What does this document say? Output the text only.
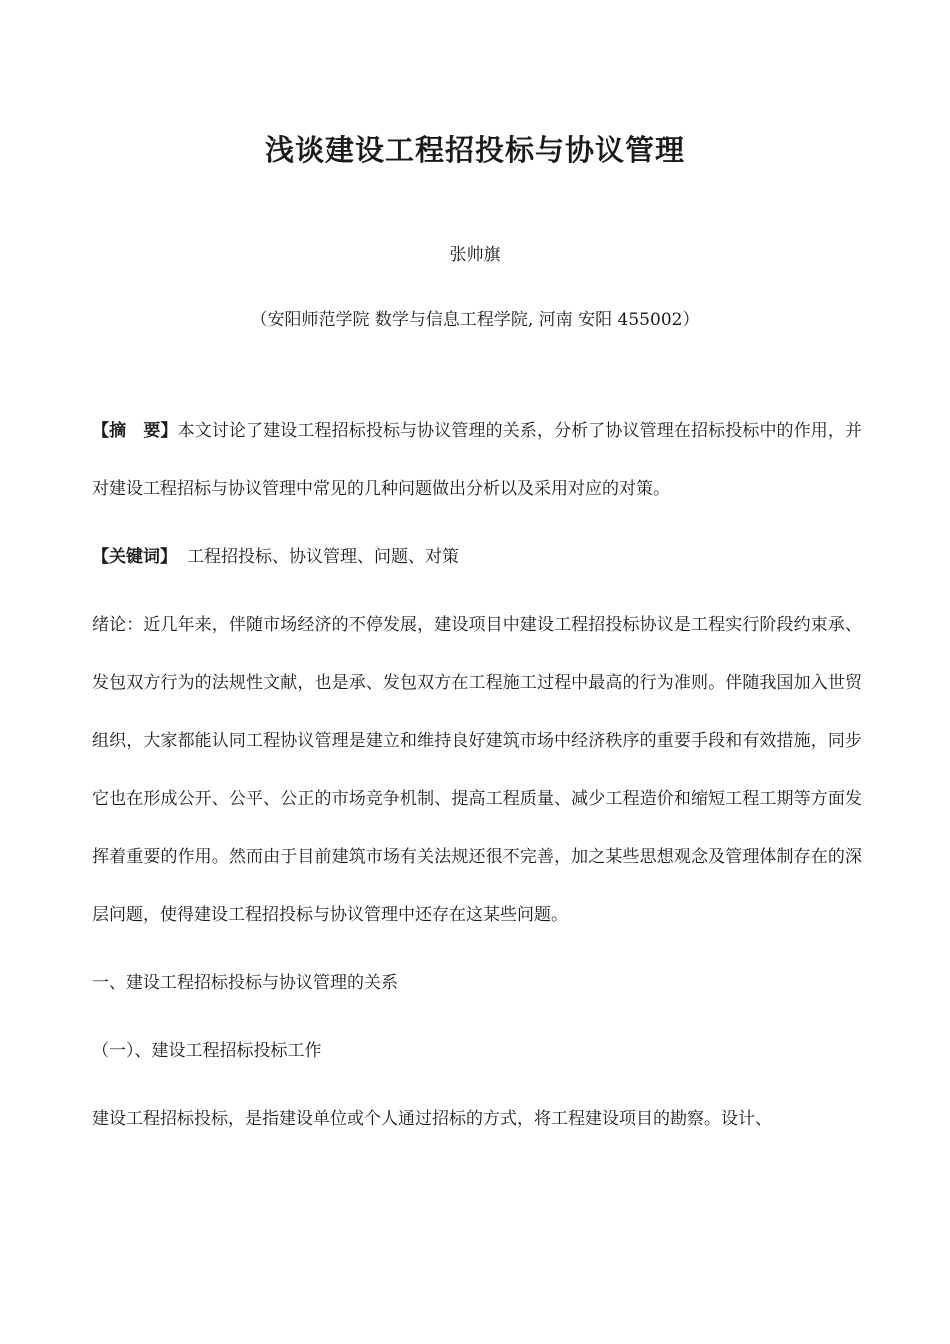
浅谈建设工程招投标与协议管理

张帅旗

（安阳师范学院 数学与信息工程学院, 河南 安阳 455002）

【摘　要】本文讨论了建设工程招标投标与协议管理的关系，分析了协议管理在招标投标中的作用，并对建设工程招标与协议管理中常见的几种问题做出分析以及采用对应的对策。

【关键词】 工程招投标、协议管理、问题、对策

绪论：近几年来，伴随市场经济的不停发展，建设项目中建设工程招投标协议是工程实行阶段约束承、发包双方行为的法规性文献，也是承、发包双方在工程施工过程中最高的行为准则。伴随我国加入世贸组织，大家都能认同工程协议管理是建立和维持良好建筑市场中经济秩序的重要手段和有效措施，同步它也在形成公开、公平、公正的市场竞争机制、提高工程质量、减少工程造价和缩短工程工期等方面发挥着重要的作用。然而由于目前建筑市场有关法规还很不完善，加之某些思想观念及管理体制存在的深层问题，使得建设工程招投标与协议管理中还存在这某些问题。

一、建设工程招标投标与协议管理的关系

（一）、建设工程招标投标工作

建设工程招标投标，是指建设单位或个人通过招标的方式，将工程建设项目的勘察。设计、
